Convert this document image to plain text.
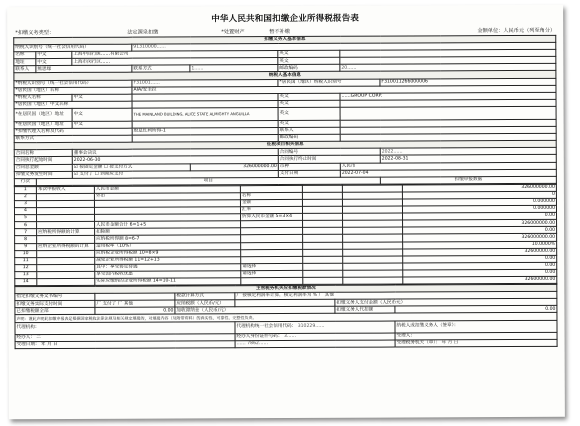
中华人民共和国扣缴企业所得税报告表
*扣缴义务类型：	法定源泉扣缴	*处置财产	暂不补缴	金额单位：人民币元（列至角分）
扣缴义务人基本信息							
纳税人识别号（统一社会信用代码）			91310000……				
名称	中文	上海中间行医……有限公司			英文		
地址	中文	上海市闵行区……			英文		
联系人	熊思缘		联系方式	1……	邮政编码	20……	
纳税人基本信息							
*纳税人识别号（统一社会信用代码）			F31001……		*居民国（地区）纳税人识别号		F310011266000006
*居民国（地区）名称			AIA/安圭拉				
*纳税人名称		中文			英文	……GROUP CORP.	
*居民国（地区）中文名称					英文		
*在居民国（地区）地址		中文	THE MAINLAND BUILDING, ALICE STATE ALMIGHTY ANGUILLA		英文		
*在居民国（地区）地址		中文			英文		
*扣缴代理人名称及代码			股息红利所得-1		联系人		
联系方式					邮政编码		
征税项目相关信息							
合同名称		董事会决议			合同编号		2022……
合同执行起始时间		2022-06-30			合同执行终止时间		2022-08-31
合同总金额		☑ 按固定金额 ☐ 按支付方式		326000000.00	币种	人民币	
扣缴义务发生时间		☑ 支付了 ☐ 到期应支付			支付日期	2022-07-04	
行次	项目						扣缴申报数据
1	本次申报收入	人民币金额				326000000.00
2		外币	名称			0
3			金额			0.000000
4			汇率			0.000000
5			折算人民币金额 5=3×4			0.00
6		人民币金额合计 6=1+5				326000000.00
7	应纳税所得额的计算	扣除额				0.00
8		应纳税所得额 8=6-7				326000000.00
9	应纳企业所得税额的计算	适用税率（10%）				10.0000%
10		应纳税企业所得税额 10=8×9				32600000.00
11		减免企业所得税额 11=12+13				0.00
12		其中：享受协定待遇	请选择			0.00
13		享受国内税收优惠	请选择			0.00
14		实际应缴纳的企业所得税额 14=10-11				32600000.00
主管税务机关应扣缴税款情况					
指定扣缴义务文书编号		税款计算方式	厂 按核定利润率计算，核定利润率为 % 厂 其他		
扣缴义务实际支付时间	厂 支付了 厂 其他	应纳税额（人民币/元）		扣缴义务人支付金额（人民币元）	
已扣缴税额全部	0.00	加收滞纳金（人民币/元）		扣缴义务人代扣额	0.00
声明：谨此声明此扣缴申报表是根据国家税收法律法规及相关规定填报的，对填报内容（及附带资料）的真实性、可靠性、完整性负责。					
代理机构：			代理机构统一社会信用代码： 310229……		纳税人或扣缴义务人（签章）：
经办人： 二			经办人身份证件号码： 3……		受理人：
受理日期： 年 月 日			…… 7862……		受理税务机关（章）： 年 月 日
